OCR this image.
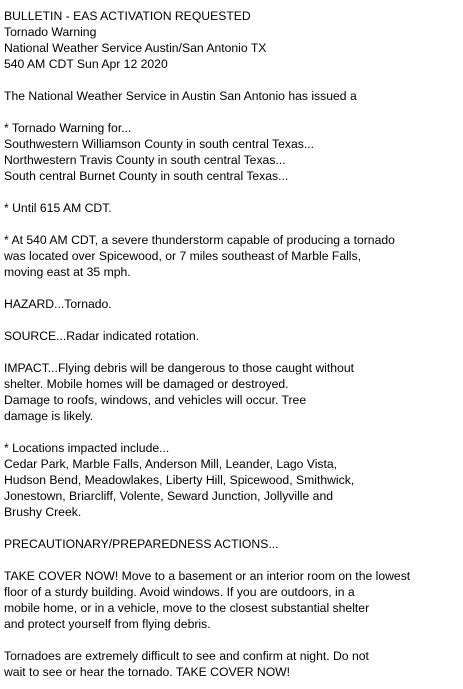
BULLETIN - EAS ACTIVATION REQUESTED
Tornado Warning
National Weather Service Austin/San Antonio TX
540 AM CDT Sun Apr 12 2020
The National Weather Service in Austin San Antonio has issued a
* Tornado Warning for...
Southwestern Williamson County in south central Texas...
Northwestern Travis County in south central Texas...
South central Burnet County in south central Texas...
* Until 615 AM CDT.
* At 540 AM CDT, a severe thunderstorm capable of producing a tornado
was located over Spicewood, or 7 miles southeast of Marble Falls,
moving east at 35 mph.
HAZARD...Tornado.
SOURCE...Radar indicated rotation.
IMPACT...Flying debris will be dangerous to those caught without
shelter. Mobile homes will be damaged or destroyed.
Damage to roofs, windows, and vehicles will occur. Tree
damage is likely.
* Locations impacted include...
Cedar Park, Marble Falls, Anderson Mill, Leander, Lago Vista,
Hudson Bend, Meadowlakes, Liberty Hill, Spicewood, Smithwick,
Jonestown, Briarcliff, Volente, Seward Junction, Jollyville and
Brushy Creek.
PRECAUTIONARY/PREPAREDNESS ACTIONS...
TAKE COVER NOW! Move to a basement or an interior room on the lowest
floor of a sturdy building. Avoid windows. If you are outdoors, in a
mobile home, or in a vehicle, move to the closest substantial shelter
and protect yourself from flying debris.
Tornadoes are extremely difficult to see and confirm at night. Do not
wait to see or hear the tornado. TAKE COVER NOW!
